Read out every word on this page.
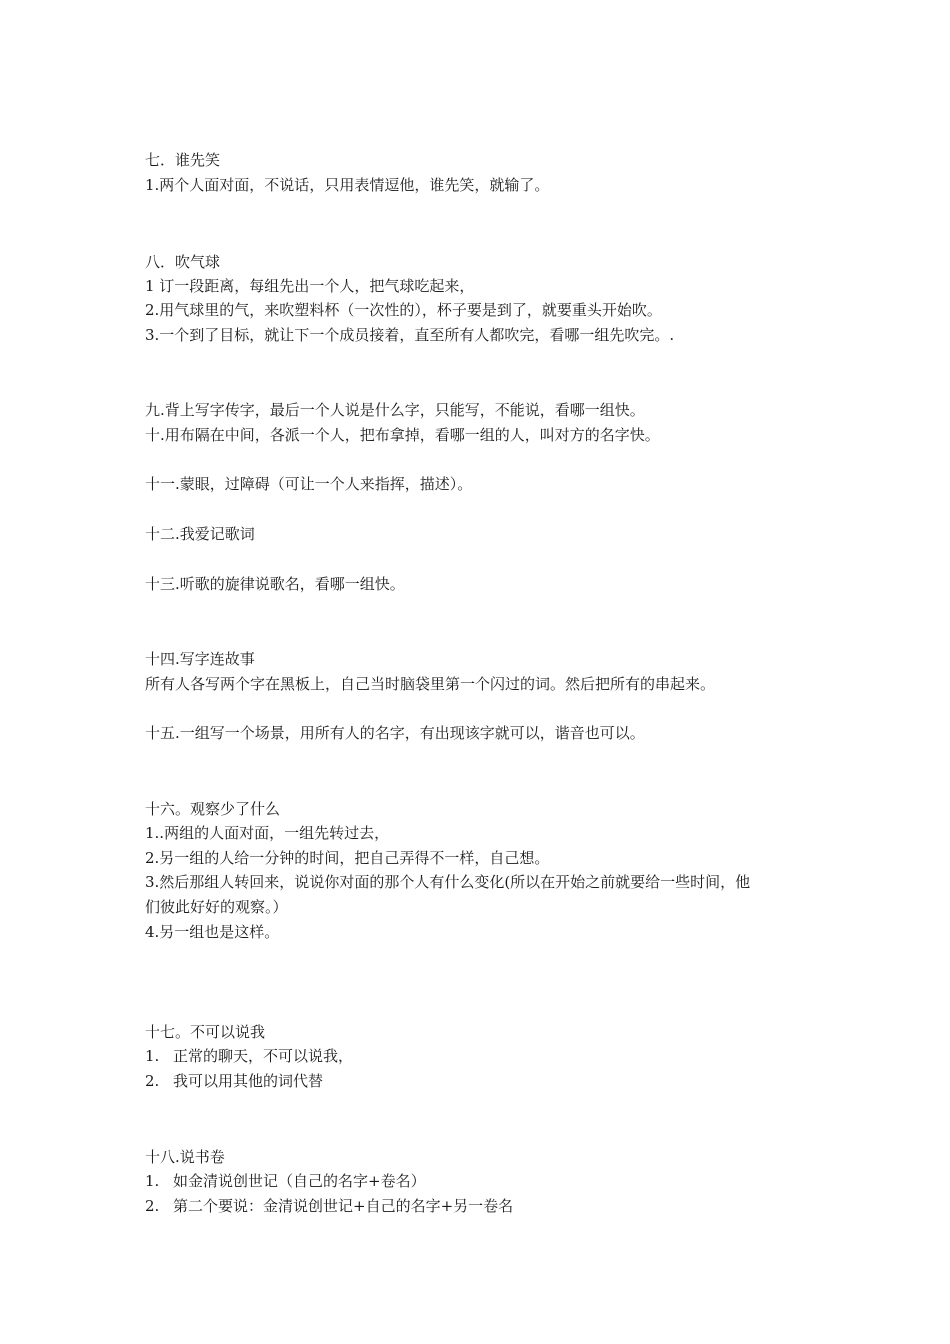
七．谁先笑
1.两个人面对面，不说话，只用表情逗他，谁先笑，就输了。
八．吹气球
1 订一段距离，每组先出一个人，把气球吃起来，
2.用气球里的气，来吹塑料杯（一次性的），杯子要是到了，就要重头开始吹。
3.一个到了目标，就让下一个成员接着，直至所有人都吹完，看哪一组先吹完。.
九.背上写字传字，最后一个人说是什么字，只能写，不能说，看哪一组快。
十.用布隔在中间，各派一个人，把布拿掉，看哪一组的人，叫对方的名字快。
十一.蒙眼，过障碍（可让一个人来指挥，描述）。
十二.我爱记歌词
十三.听歌的旋律说歌名，看哪一组快。
十四.写字连故事
所有人各写两个字在黑板上，自己当时脑袋里第一个闪过的词。然后把所有的串起来。
十五.一组写一个场景，用所有人的名字，有出现该字就可以，谐音也可以。
十六。观察少了什么
1..两组的人面对面，一组先转过去，
2.另一组的人给一分钟的时间，把自己弄得不一样，自己想。
3.然后那组人转回来，说说你对面的那个人有什么变化(所以在开始之前就要给一些时间，他
们彼此好好的观察。）
4.另一组也是这样。
十七。不可以说我
1. 正常的聊天，不可以说我，
2. 我可以用其他的词代替
十八.说书卷
1. 如金清说创世记（自己的名字+卷名）
2. 第二个要说：金清说创世记+自己的名字+另一卷名
